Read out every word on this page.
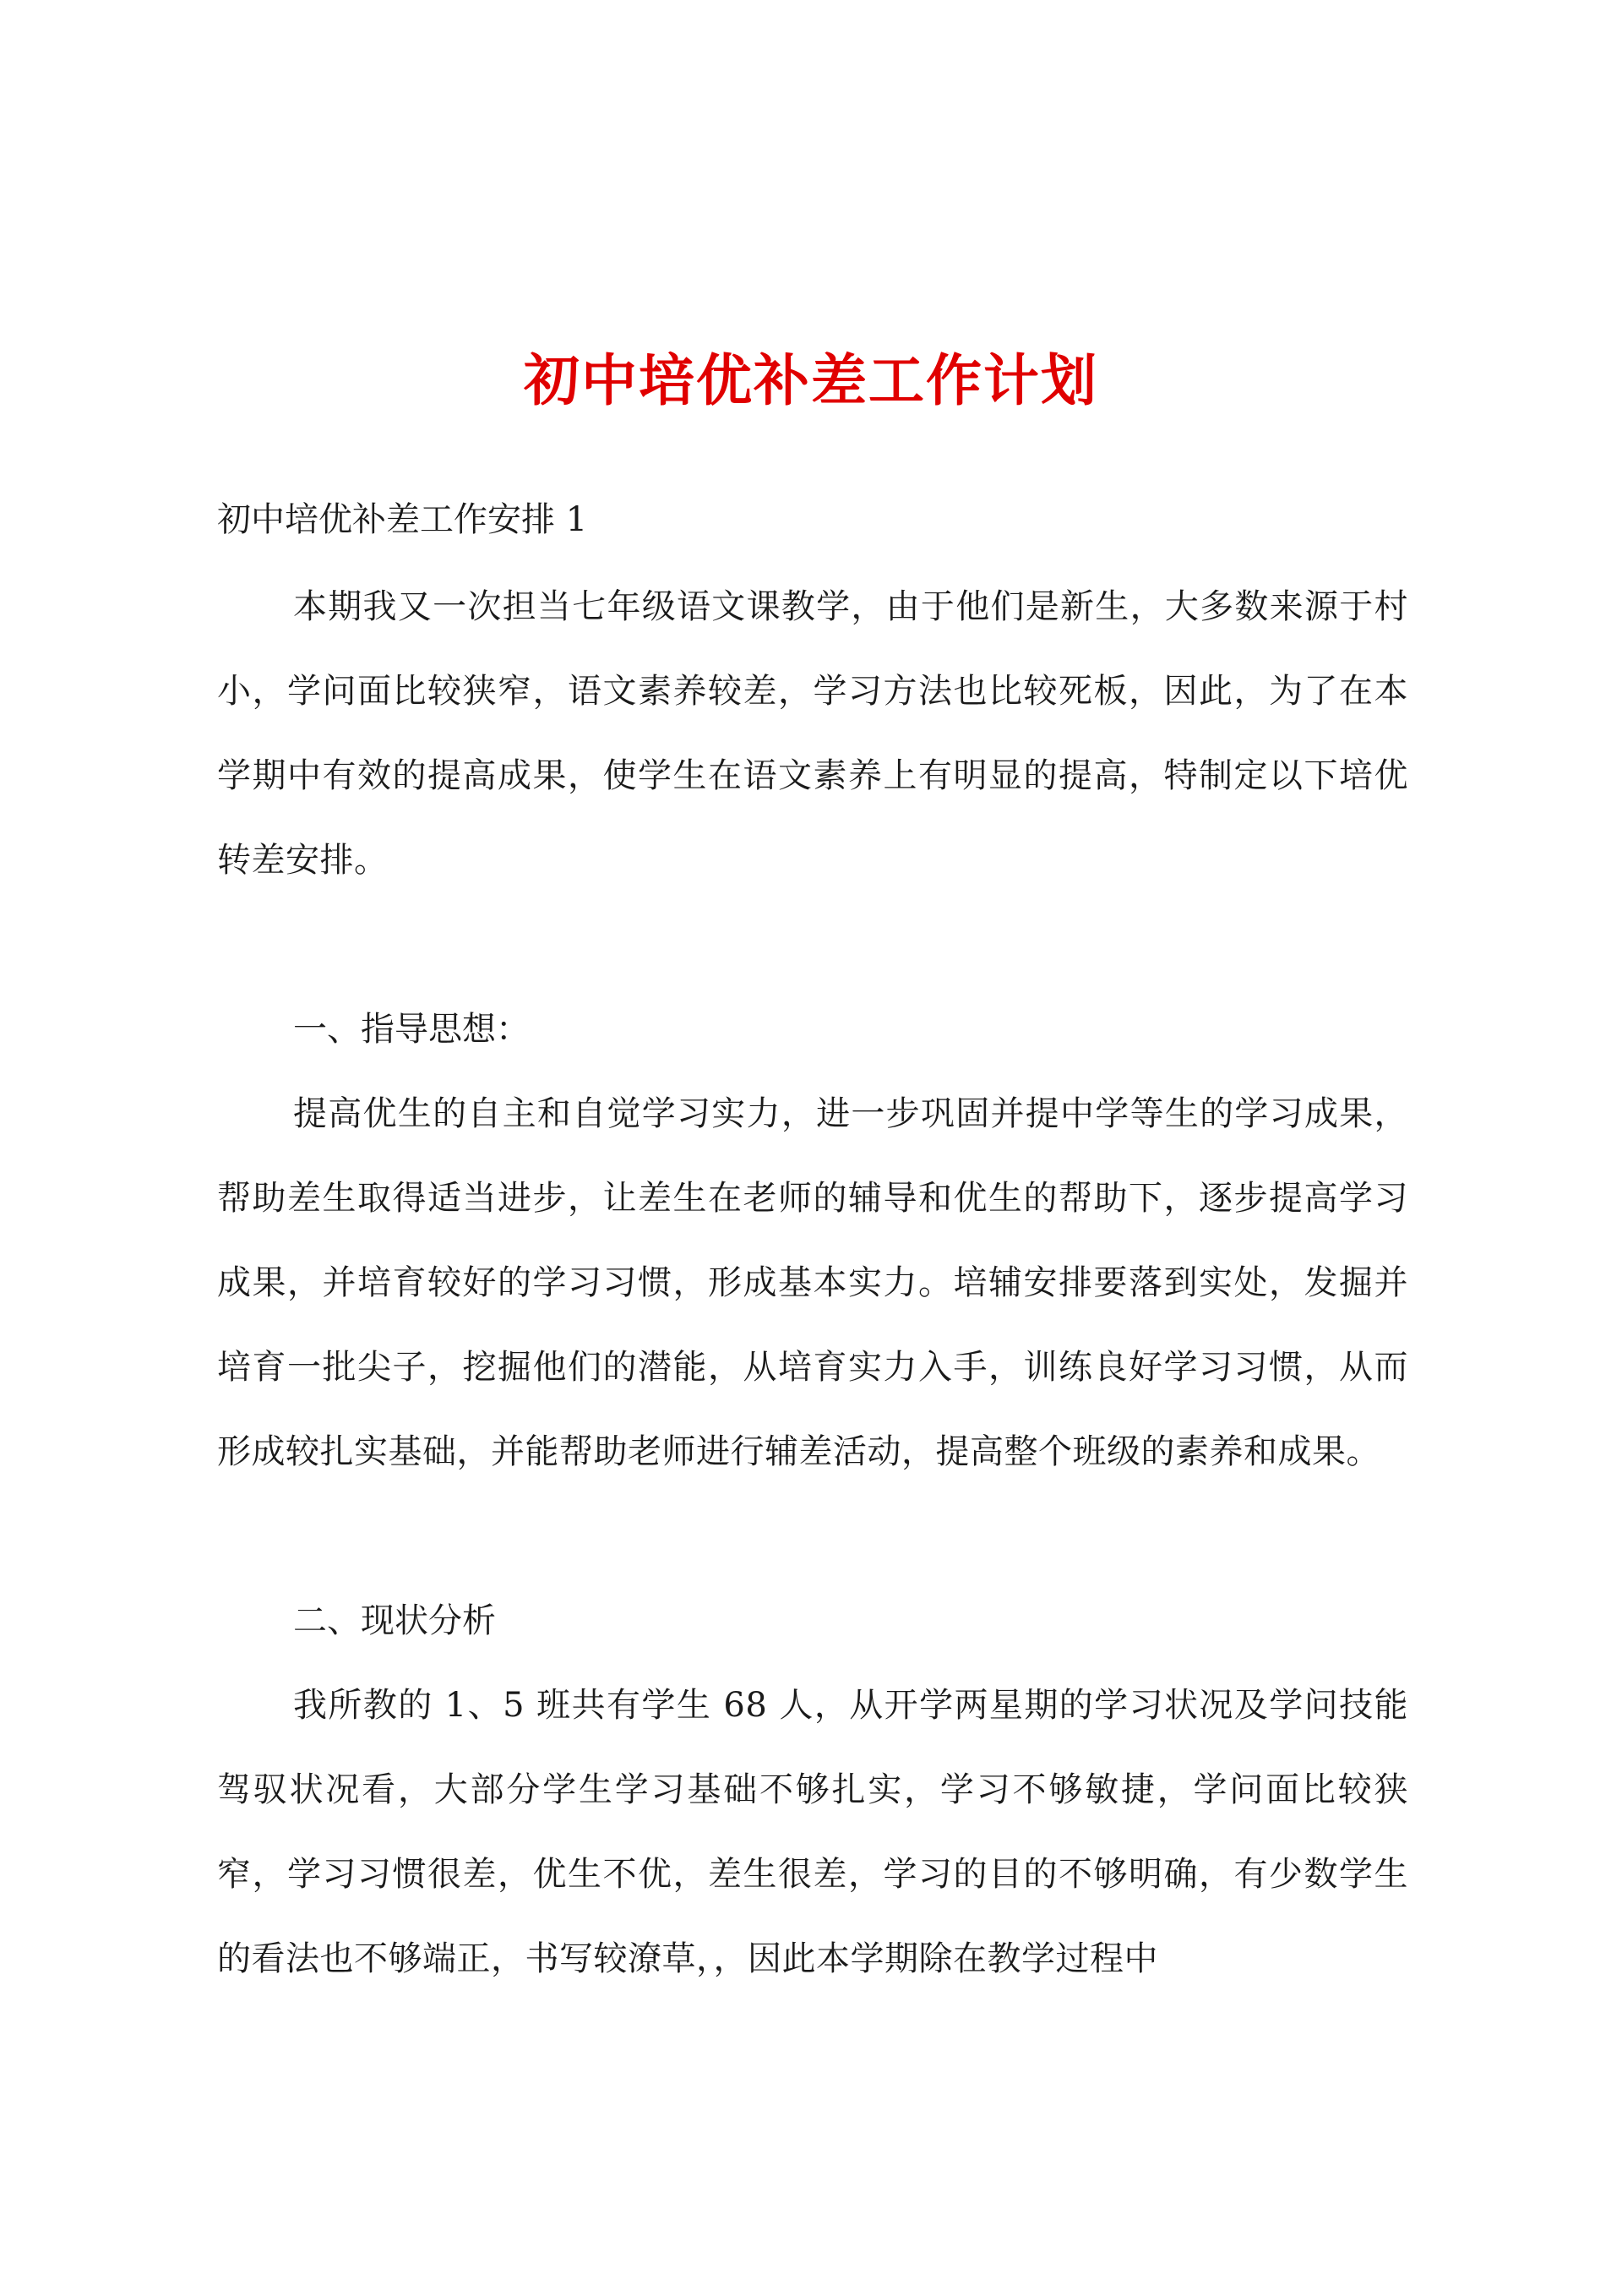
初中培优补差工作计划

初中培优补差工作安排 1

本期我又一次担当七年级语文课教学，由于他们是新生，大多数来源于村小，学问面比较狭窄，语文素养较差，学习方法也比较死板，因此，为了在本学期中有效的提高成果，使学生在语文素养上有明显的提高，特制定以下培优转差安排。

一、指导思想：

提高优生的自主和自觉学习实力，进一步巩固并提中学等生的学习成果，帮助差生取得适当进步，让差生在老师的辅导和优生的帮助下，逐步提高学习成果，并培育较好的学习习惯，形成基本实力。培辅安排要落到实处，发掘并培育一批尖子，挖掘他们的潜能，从培育实力入手，训练良好学习习惯，从而形成较扎实基础，并能帮助老师进行辅差活动，提高整个班级的素养和成果。

二、现状分析

我所教的 1、5 班共有学生 68 人，从开学两星期的学习状况及学问技能驾驭状况看，大部分学生学习基础不够扎实，学习不够敏捷，学问面比较狭窄，学习习惯很差，优生不优，差生很差，学习的目的不够明确，有少数学生的看法也不够端正，书写较潦草，，因此本学期除在教学过程中
